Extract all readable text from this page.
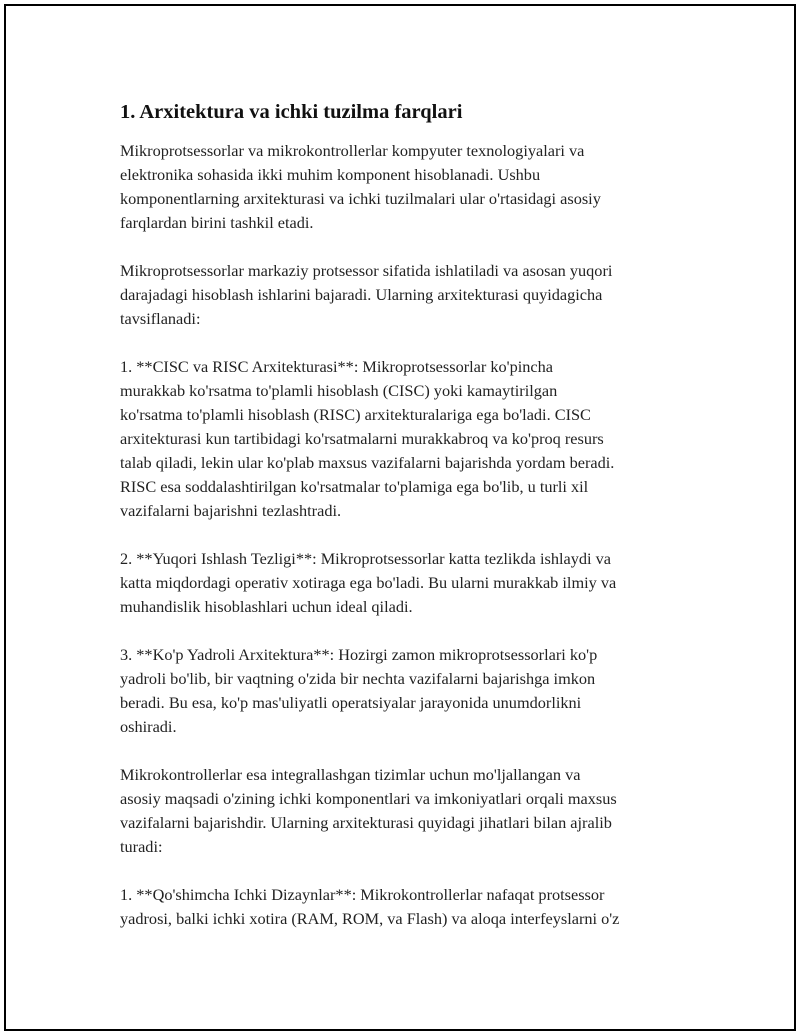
1. Arxitektura va ichki tuzilma farqlari
Mikroprotsessorlar va mikrokontrollerlar kompyuter texnologiyalari va
elektronika sohasida ikki muhim komponent hisoblanadi. Ushbu
komponentlarning arxitekturasi va ichki tuzilmalari ular o'rtasidagi asosiy
farqlardan birini tashkil etadi.
Mikroprotsessorlar markaziy protsessor sifatida ishlatiladi va asosan yuqori
darajadagi hisoblash ishlarini bajaradi. Ularning arxitekturasi quyidagicha
tavsiflanadi:
1. **CISC va RISC Arxitekturasi**: Mikroprotsessorlar ko'pincha
murakkab ko'rsatma to'plamli hisoblash (CISC) yoki kamaytirilgan
ko'rsatma to'plamli hisoblash (RISC) arxitekturalariga ega bo'ladi. CISC
arxitekturasi kun tartibidagi ko'rsatmalarni murakkabroq va ko'proq resurs
talab qiladi, lekin ular ko'plab maxsus vazifalarni bajarishda yordam beradi.
RISC esa soddalashtirilgan ko'rsatmalar to'plamiga ega bo'lib, u turli xil
vazifalarni bajarishni tezlashtradi.
2. **Yuqori Ishlash Tezligi**: Mikroprotsessorlar katta tezlikda ishlaydi va
katta miqdordagi operativ xotiraga ega bo'ladi. Bu ularni murakkab ilmiy va
muhandislik hisoblashlari uchun ideal qiladi.
3. **Ko'p Yadroli Arxitektura**: Hozirgi zamon mikroprotsessorlari ko'p
yadroli bo'lib, bir vaqtning o'zida bir nechta vazifalarni bajarishga imkon
beradi. Bu esa, ko'p mas'uliyatli operatsiyalar jarayonida unumdorlikni
oshiradi.
Mikrokontrollerlar esa integrallashgan tizimlar uchun mo'ljallangan va
asosiy maqsadi o'zining ichki komponentlari va imkoniyatlari orqali maxsus
vazifalarni bajarishdir. Ularning arxitekturasi quyidagi jihatlari bilan ajralib
turadi:
1. **Qo'shimcha Ichki Dizaynlar**: Mikrokontrollerlar nafaqat protsessor
yadrosi, balki ichki xotira (RAM, ROM, va Flash) va aloqa interfeyslarni o'z
